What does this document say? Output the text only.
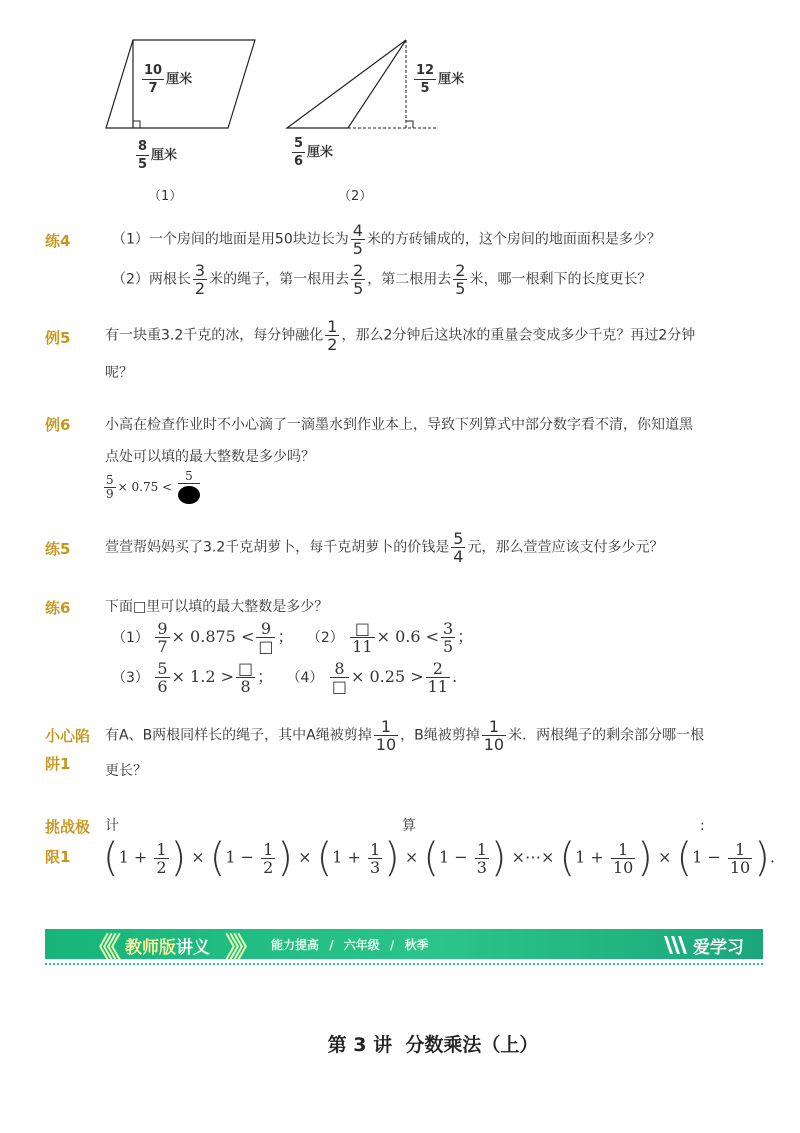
$\frac{10}{7}$ 厘米
$\frac{8}{5}$ 厘米
（1）
$\frac{12}{5}$ 厘米
$\frac{5}{6}$ 厘米
（2）
练4	（1）一个房间的地面是用50块边长为 $\frac{4}{5}$ 米的方砖铺成的，这个房间的地面面积是多少？
（2）两根长 $\frac{3}{2}$ 米的绳子，第一根用去 $\frac{2}{5}$ ，第二根用去 $\frac{2}{5}$ 米，哪一根剩下的长度更长？
例5 有一块重3.2千克的冰，每分钟融化 $\frac{1}{2}$ ，那么2分钟后这块冰的重量会变成多少千克？再过2分钟
呢？
例6 小高在检查作业时不小心滴了一滴墨水到作业本上，导致下列算式中部分数字看不清，你知道黑
点处可以填的最大整数是多少吗？
$\frac{5}{9} \times 0.75$ <
5
练5 萱萱帮妈妈买了3.2千克胡萝卜，每千克胡萝卜的价钱是 $\frac{5}{4}$ 元，那么萱萱应该支付多少元？
练6 下面□里可以填的最大整数是多少？
$(1) \frac{9}{7} \times 0.875 < \frac{9}{□}$ ； $(2) \frac{□}{11} \times 0.6 < \frac{3}{5}$ ；
$(3) \frac{5}{6} \times 1.2 > \frac{□}{8}$ ； $(4) \frac{8}{□} \times 0.25 > \frac{2}{11}$ .
小心陷
阱1
有A、B两根同样长的绳子，其中A绳被剪掉 $\frac{1}{10}$ ，B绳被剪掉 $\frac{1}{10}$ 米．两根绳子的剩余部分哪一根
更长？
挑战极
限1
计	算	:
($1 + \frac{1}{2}$ ) × ($1 - \frac{1}{2}$ ) × ($1 + \frac{1}{3}$ ) × ($1 - \frac{1}{3}$ ) ×⋯× ($1 + \frac{1}{10}$ ) × ($1 - \frac{1}{10}$ ).
《《 教师版讲义 》》 能力提高 / 六年级 / 秋季	爱学习
第 3 讲  分数乘法（上）
